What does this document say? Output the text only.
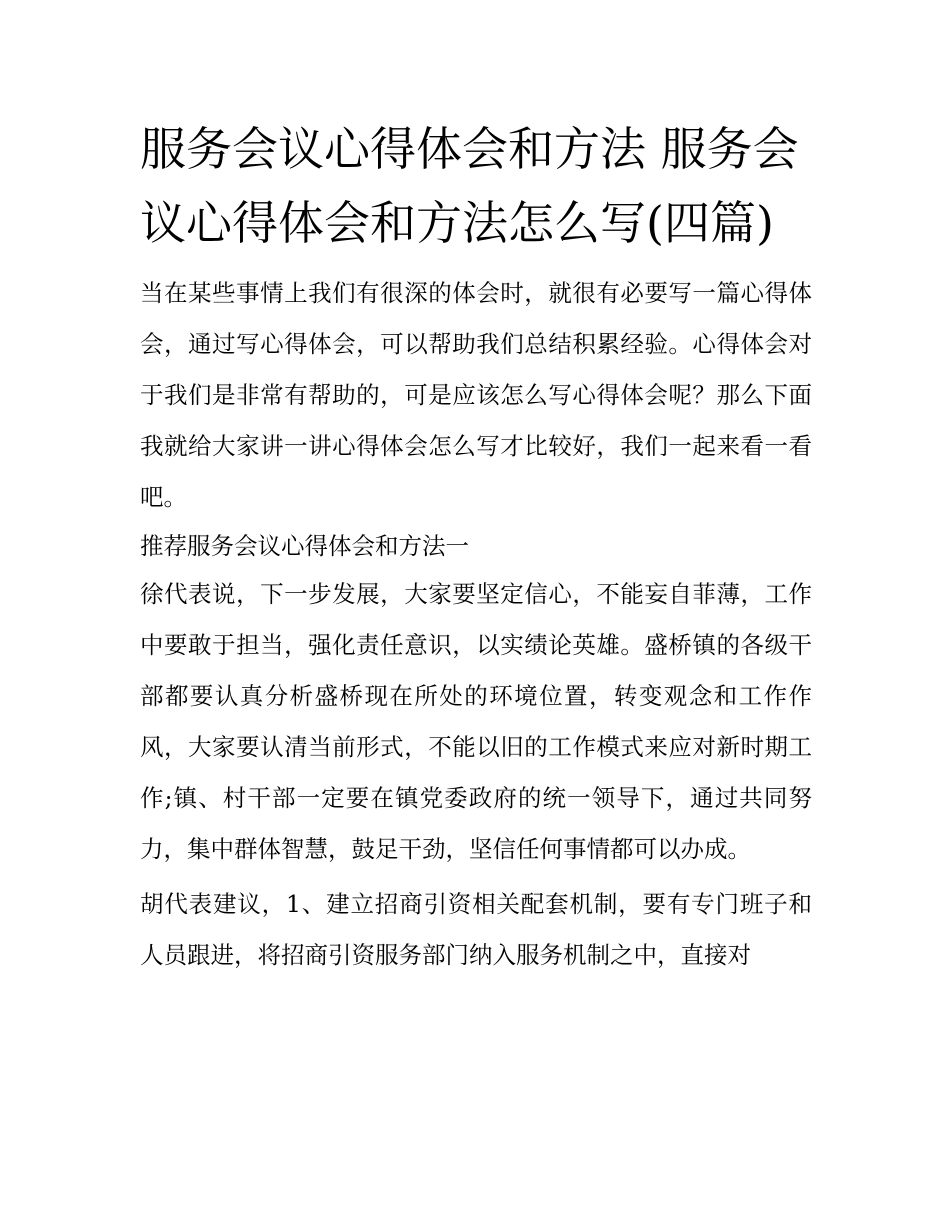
服务会议心得体会和方法 服务会议心得体会和方法怎么写(四篇)

当在某些事情上我们有很深的体会时，就很有必要写一篇心得体会，通过写心得体会，可以帮助我们总结积累经验。心得体会对于我们是非常有帮助的，可是应该怎么写心得体会呢？那么下面我就给大家讲一讲心得体会怎么写才比较好，我们一起来看一看吧。

推荐服务会议心得体会和方法一

徐代表说，下一步发展，大家要坚定信心，不能妄自菲薄，工作中要敢于担当，强化责任意识，以实绩论英雄。盛桥镇的各级干部都要认真分析盛桥现在所处的环境位置，转变观念和工作作风，大家要认清当前形式，不能以旧的工作模式来应对新时期工作;镇、村干部一定要在镇党委政府的统一领导下，通过共同努力，集中群体智慧，鼓足干劲，坚信任何事情都可以办成。

胡代表建议，1、建立招商引资相关配套机制，要有专门班子和人员跟进，将招商引资服务部门纳入服务机制之中，直接对
